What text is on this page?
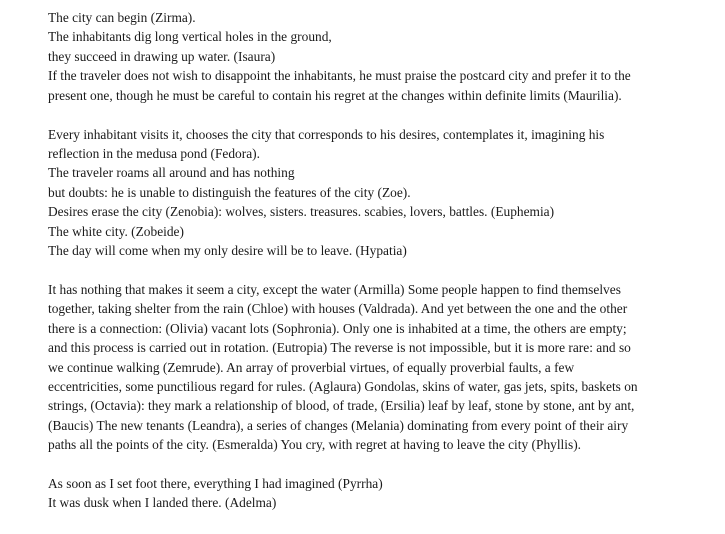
The city can begin (Zirma).
The inhabitants dig long vertical holes in the ground,
they succeed in drawing up water. (Isaura)
If the traveler does not wish to disappoint the inhabitants, he must praise the postcard city and prefer it to the
present one, though he must be careful to contain his regret at the changes within definite limits (Maurilia).
Every inhabitant visits it, chooses the city that corresponds to his desires, contemplates it, imagining his
reflection in the medusa pond (Fedora).
The traveler roams all around and has nothing
but doubts: he is unable to distinguish the features of the city (Zoe).
Desires erase the city (Zenobia): wolves, sisters. treasures. scabies, lovers, battles. (Euphemia)
The white city. (Zobeide)
The day will come when my only desire will be to leave. (Hypatia)
It has nothing that makes it seem a city, except the water (Armilla) Some people happen to find themselves
together, taking shelter from the rain (Chloe) with houses (Valdrada). And yet between the one and the other
there is a connection: (Olivia) vacant lots (Sophronia). Only one is inhabited at a time, the others are empty;
and this process is carried out in rotation. (Eutropia) The reverse is not impossible, but it is more rare: and so
we continue walking (Zemrude). An array of proverbial virtues, of equally proverbial faults, a few
eccentricities, some punctilious regard for rules. (Aglaura) Gondolas, skins of water, gas jets, spits, baskets on
strings, (Octavia): they mark a relationship of blood, of trade, (Ersilia) leaf by leaf, stone by stone, ant by ant,
(Baucis) The new tenants (Leandra), a series of changes (Melania) dominating from every point of their airy
paths all the points of the city. (Esmeralda) You cry, with regret at having to leave the city (Phyllis).
As soon as I set foot there, everything I had imagined (Pyrrha)
It was dusk when I landed there. (Adelma)
